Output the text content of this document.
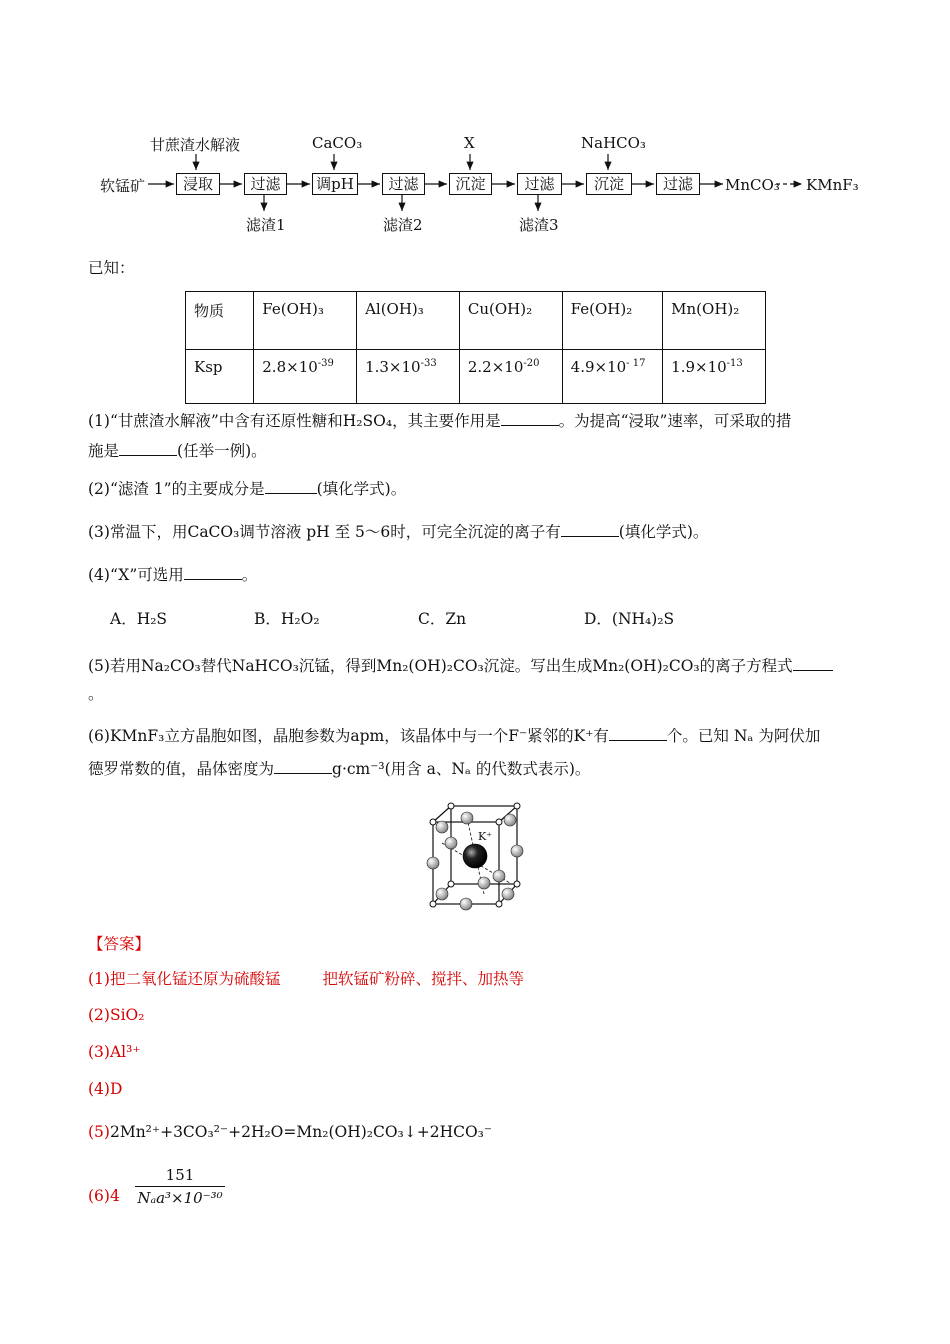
软锰矿	浸取	过滤	调pH	过滤	沉淀	过滤	沉淀	过滤	MnCO₃ KMnF₃
甘蔗渣水解液	CaCO₃	X	NaHCO₃
滤渣1	滤渣2	滤渣3
已知：
物质	Fe(OH)₃	Al(OH)₃	Cu(OH)₂	Fe(OH)₂	Mn(OH)₂
Ksp	$2.8\times 10^{-39}$	$1.3\times 10^{-33}$	$2.2\times 10^{-20}$	$4.9\times 10^{- 17}$	$1.9\times 10^{-13}$
(1)“甘蔗渣水解液”中含有还原性糖和H₂SO₄，其主要作用是	。为提高“浸取”速率，可采取的措
施是	(任举一例)。
(2)“滤渣 1”的主要成分是	(填化学式)。
(3)常温下，用CaCO₃调节溶液 pH 至 5～6时，可完全沉淀的离子有	(填化学式)。
(4)“X”可选用	。
A．H₂S	B．H₂O₂	C．Zn	D．(NH₄)₂S
(5)若用Na₂CO₃替代NaHCO₃沉锰，得到Mn₂(OH)₂CO₃沉淀。写出生成Mn₂(OH)₂CO₃的离子方程式
。
(6)KMnF₃立方晶胞如图，晶胞参数为apm，该晶体中与一个F⁻紧邻的K⁺有	个。已知 Nₐ 为阿伏加
德罗常数的值，晶体密度为	g·cm⁻³(用含 a、Nₐ 的代数式表示)。
K⁺
【答案】
(1)把二氧化锰还原为硫酸锰	把软锰矿粉碎、搅拌、加热等
(2)SiO₂
(3)Al³⁺
(4)D
(5)2Mn²⁺+3CO₃²⁻+2H₂O=Mn₂(OH)₂CO₃↓+2HCO₃⁻
(6)4
151
Nₐa³×10⁻³⁰
